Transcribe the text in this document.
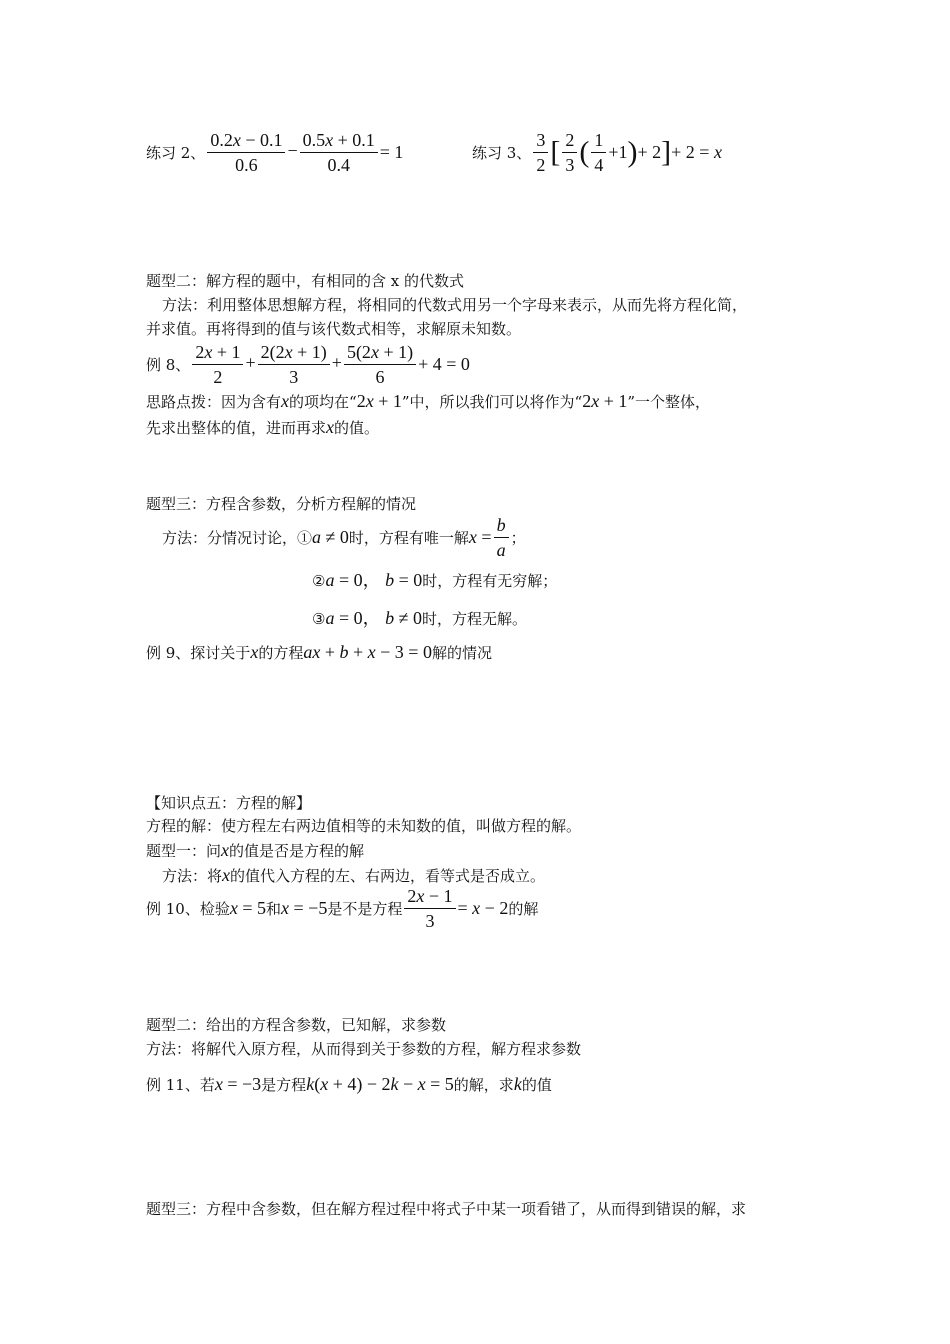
练习 2、 $\frac{0.2x - 0.1}{0.6} - \frac{0.5x + 0.1}{0.4} = 1$	练习 3、 $\frac{3}{2}$ [ $\frac{2}{3}$ ( $\frac{1}{4} +1)+ 2]+ 2 = x$
题型二：解方程的题中，有相同的含 x 的代数式
方法：利用整体思想解方程，将相同的代数式用另一个字母来表示，从而先将方程化简，
并求值。再将得到的值与该代数式相等，求解原未知数。
例 8、 $\frac{2x + 1}{2} + \frac{2(2x + 1)}{3} + \frac{5(2x + 1)}{6} + 4 = 0$
思路点拨：因为含有x的项均在“2x + 1”中，所以我们可以将作为“2x + 1”一个整体，
先求出整体的值，进而再求x的值。
题型三：方程含参数，分析方程解的情况
方法：分情况讨论，①a ≠ 0时，方程有唯一解$x = \frac{b}{a}$ ；
②a = 0， b = 0时，方程有无穷解；
③a = 0， b ≠ 0时，方程无解。
例 9、探讨关于x的方程ax + b + x − 3 = 0解的情况
【知识点五：方程的解】
方程的解：使方程左右两边值相等的未知数的值，叫做方程的解。
题型一：问x的值是否是方程的解
方法：将x的值代入方程的左、右两边，看等式是否成立。
例 10、检验x = 5和x = −5是不是方程 $\frac{2x - 1}{3} = x - 2$的解
题型二：给出的方程含参数，已知解，求参数
方法：将解代入原方程，从而得到关于参数的方程，解方程求参数
例 11、若x = −3是方程k(x + 4) − 2k − x = 5的解，求k的值
题型三：方程中含参数，但在解方程过程中将式子中某一项看错了，从而得到错误的解，求
